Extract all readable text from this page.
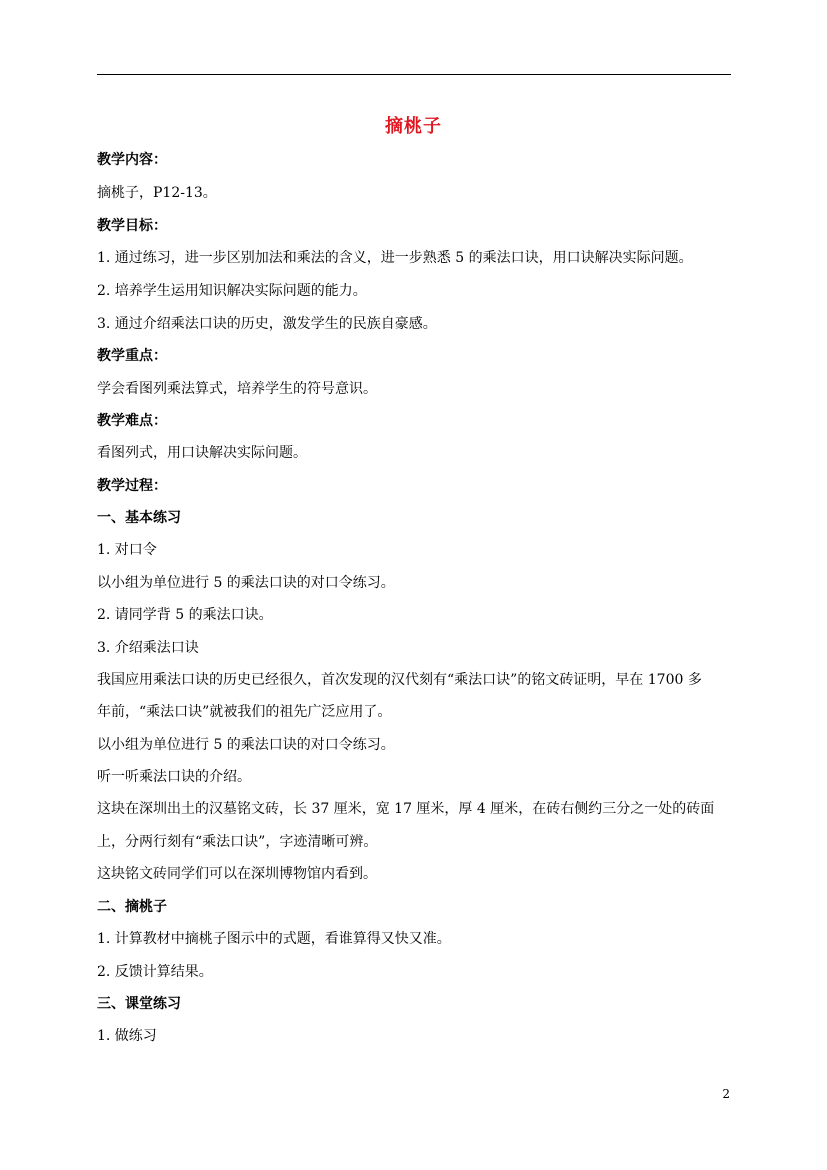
摘桃子
教学内容：
摘桃子，P12-13。
教学目标：
1. 通过练习，进一步区别加法和乘法的含义，进一步熟悉 5 的乘法口诀，用口诀解决实际问题。
2. 培养学生运用知识解决实际问题的能力。
3. 通过介绍乘法口诀的历史，激发学生的民族自豪感。
教学重点：
学会看图列乘法算式，培养学生的符号意识。
教学难点：
看图列式，用口诀解决实际问题。
教学过程：
一、基本练习
1. 对口令
以小组为单位进行 5 的乘法口诀的对口令练习。
2. 请同学背 5 的乘法口诀。
3. 介绍乘法口诀
我国应用乘法口诀的历史已经很久，首次发现的汉代刻有“乘法口诀”的铭文砖证明，早在 1700 多
年前，“乘法口诀”就被我们的祖先广泛应用了。
以小组为单位进行 5 的乘法口诀的对口令练习。
听一听乘法口诀的介绍。
这块在深圳出土的汉墓铭文砖，长 37 厘米，宽 17 厘米，厚 4 厘米，在砖右侧约三分之一处的砖面
上，分两行刻有“乘法口诀”，字迹清晰可辨。
这块铭文砖同学们可以在深圳博物馆内看到。
二、摘桃子
1. 计算教材中摘桃子图示中的式题，看谁算得又快又准。
2. 反馈计算结果。
三、课堂练习
1. 做练习
2
